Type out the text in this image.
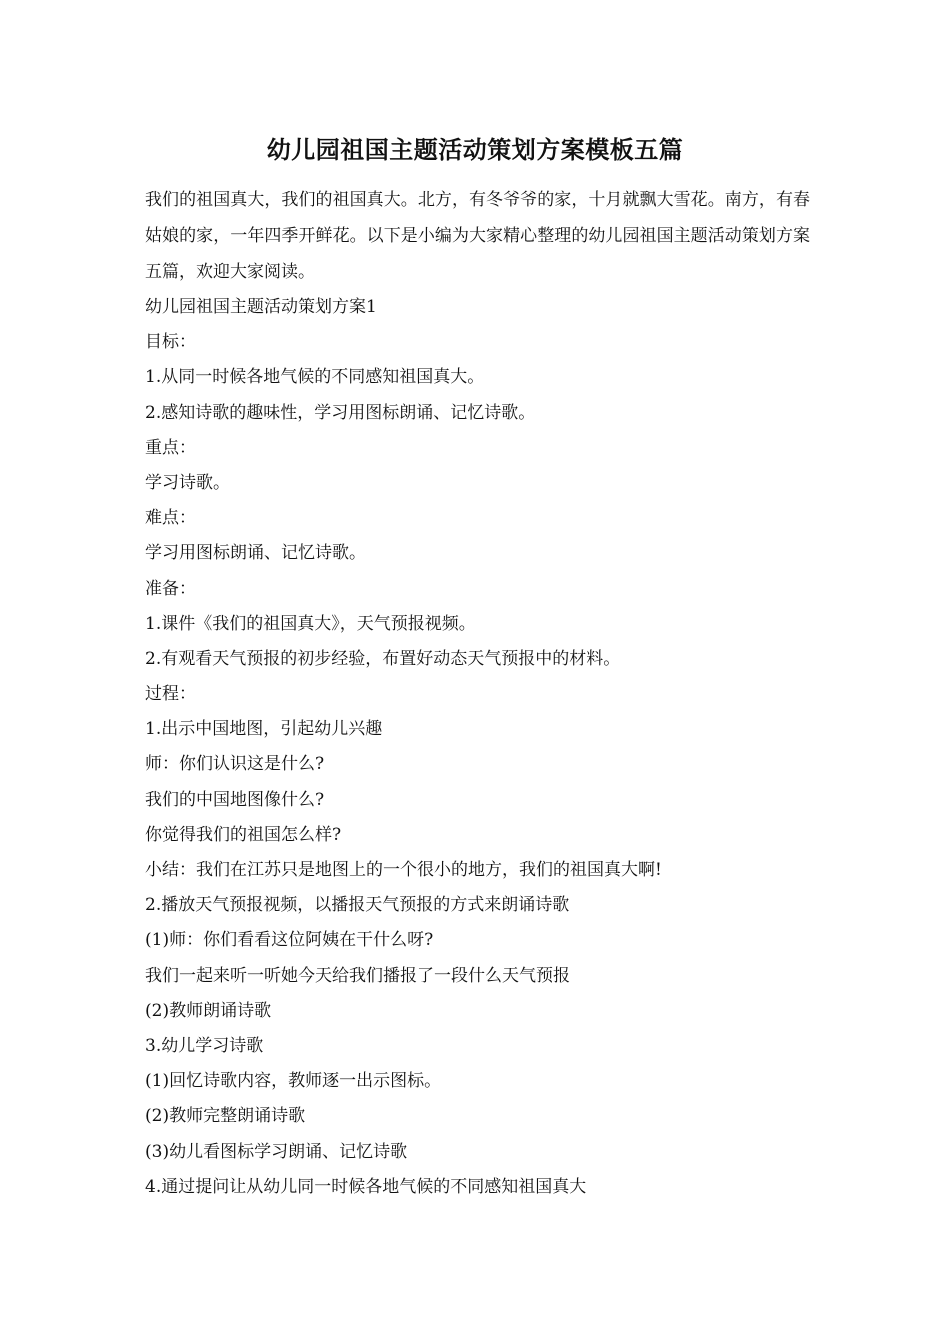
幼儿园祖国主题活动策划方案模板五篇
我们的祖国真大，我们的祖国真大。北方，有冬爷爷的家，十月就飘大雪花。南方，有春姑娘的家，一年四季开鲜花。以下是小编为大家精心整理的幼儿园祖国主题活动策划方案五篇，欢迎大家阅读。
幼儿园祖国主题活动策划方案1
目标：
1.从同一时候各地气候的不同感知祖国真大。
2.感知诗歌的趣味性，学习用图标朗诵、记忆诗歌。
重点：
学习诗歌。
难点：
学习用图标朗诵、记忆诗歌。
准备：
1.课件《我们的祖国真大》，天气预报视频。
2.有观看天气预报的初步经验，布置好动态天气预报中的材料。
过程：
1.出示中国地图，引起幼儿兴趣
师：你们认识这是什么?
我们的中国地图像什么?
你觉得我们的祖国怎么样?
小结：我们在江苏只是地图上的一个很小的地方，我们的祖国真大啊!
2.播放天气预报视频，以播报天气预报的方式来朗诵诗歌
(1)师：你们看看这位阿姨在干什么呀?
我们一起来听一听她今天给我们播报了一段什么天气预报
(2)教师朗诵诗歌
3.幼儿学习诗歌
(1)回忆诗歌内容，教师逐一出示图标。
(2)教师完整朗诵诗歌
(3)幼儿看图标学习朗诵、记忆诗歌
4.通过提问让从幼儿同一时候各地气候的不同感知祖国真大
